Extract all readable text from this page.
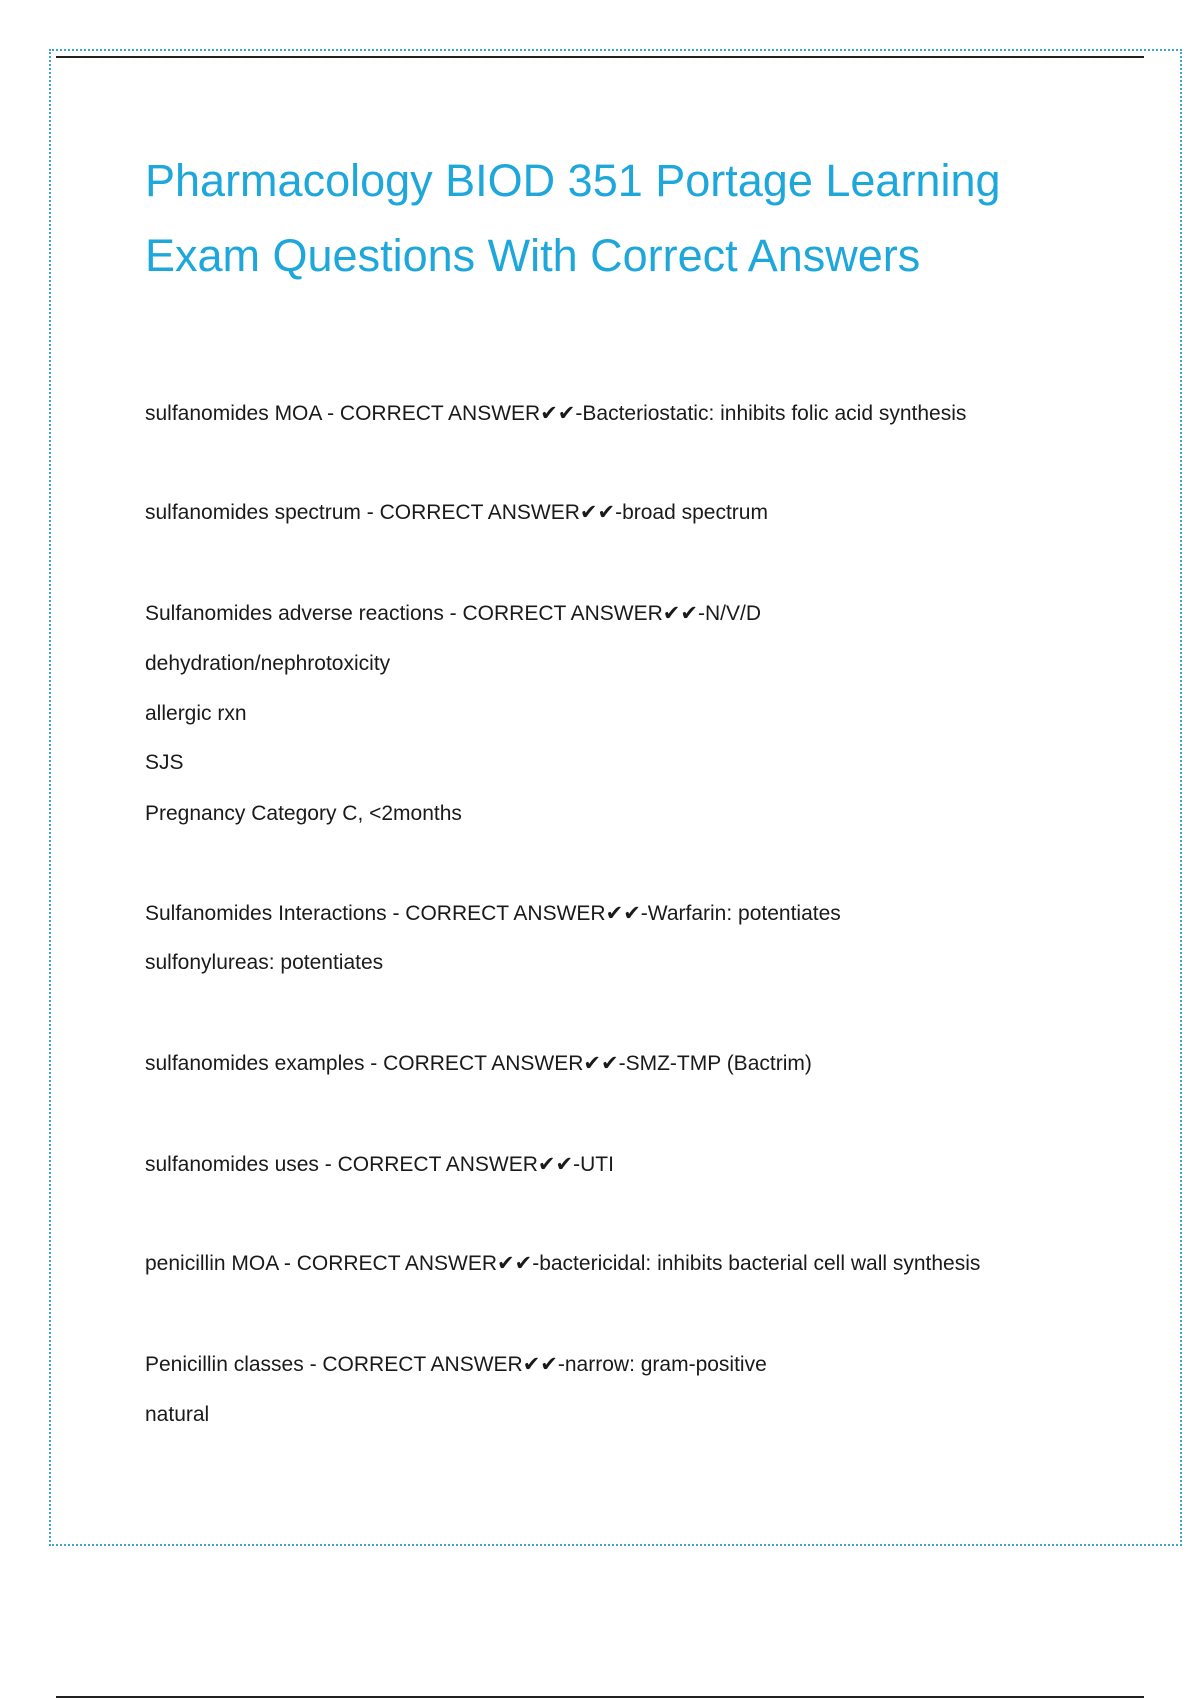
Pharmacology BIOD 351 Portage Learning
Exam Questions With Correct Answers
sulfanomides MOA - CORRECT ANSWER✔✔-Bacteriostatic: inhibits folic acid synthesis
sulfanomides spectrum - CORRECT ANSWER✔✔-broad spectrum
Sulfanomides adverse reactions - CORRECT ANSWER✔✔-N/V/D
dehydration/nephrotoxicity
allergic rxn
SJS
Pregnancy Category C, <2months
Sulfanomides Interactions - CORRECT ANSWER✔✔-Warfarin: potentiates
sulfonylureas: potentiates
sulfanomides examples - CORRECT ANSWER✔✔-SMZ-TMP (Bactrim)
sulfanomides uses - CORRECT ANSWER✔✔-UTI
penicillin MOA - CORRECT ANSWER✔✔-bactericidal: inhibits bacterial cell wall synthesis
Penicillin classes - CORRECT ANSWER✔✔-narrow: gram-positive
natural
